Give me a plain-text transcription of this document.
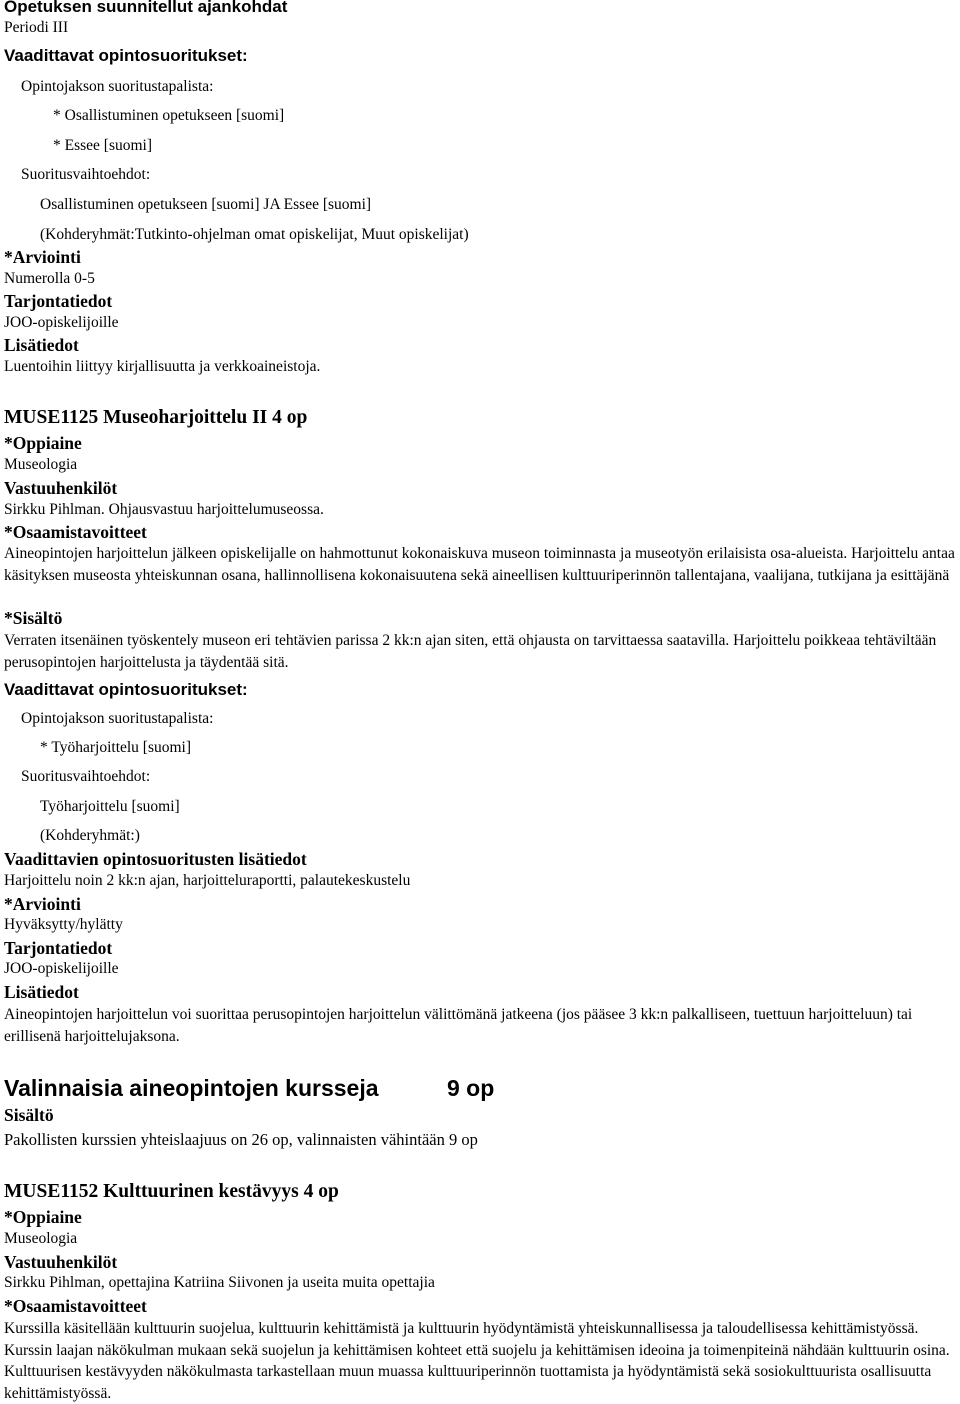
Opetuksen suunnitellut ajankohdat
Periodi III
Vaadittavat opintosuoritukset:
Opintojakson suoritustapalista:
* Osallistuminen opetukseen [suomi]
* Essee [suomi]
Suoritusvaihtoehdot:
Osallistuminen opetukseen [suomi] JA Essee [suomi]
(Kohderyhmät:Tutkinto-ohjelman omat opiskelijat, Muut opiskelijat)
*Arviointi
Numerolla 0-5
Tarjontatiedot
JOO-opiskelijoille
Lisätiedot
Luentoihin liittyy kirjallisuutta ja verkkoaineistoja.
MUSE1125 Museoharjoittelu II 4 op
*Oppiaine
Museologia
Vastuuhenkilöt
Sirkku Pihlman. Ohjausvastuu harjoittelumuseossa.
*Osaamistavoitteet
Aineopintojen harjoittelun jälkeen opiskelijalle on hahmottunut kokonaiskuva museon toiminnasta ja museotyön erilaisista osa-alueista. Harjoittelu antaa käsityksen museosta yhteiskunnan osana, hallinnollisena kokonaisuutena sekä aineellisen kulttuuriperinnön tallentajana, vaalijana, tutkijana ja esittäjänä
*Sisältö
Verraten itsenäinen työskentely museon eri tehtävien parissa 2 kk:n ajan siten, että ohjausta on tarvittaessa saatavilla. Harjoittelu poikkeaa tehtäviltään perusopintojen harjoittelusta ja täydentää sitä.
Vaadittavat opintosuoritukset:
Opintojakson suoritustapalista:
* Työharjoittelu [suomi]
Suoritusvaihtoehdot:
Työharjoittelu [suomi]
(Kohderyhmät:)
Vaadittavien opintosuoritusten lisätiedot
Harjoittelu noin 2 kk:n ajan, harjoitteluraportti, palautekeskustelu
*Arviointi
Hyväksytty/hylätty
Tarjontatiedot
JOO-opiskelijoille
Lisätiedot
Aineopintojen harjoittelun voi suorittaa perusopintojen harjoittelun välittömänä jatkeena (jos pääsee 3 kk:n palkalliseen, tuettuun harjoitteluun) tai erillisenä harjoittelujaksona.
Valinnaisia aineopintojen kursseja	9 op
Sisältö
Pakollisten kurssien yhteislaajuus on 26 op, valinnaisten vähintään 9 op
MUSE1152 Kulttuurinen kestävyys 4 op
*Oppiaine
Museologia
Vastuuhenkilöt
Sirkku Pihlman, opettajina Katriina Siivonen ja useita muita opettajia
*Osaamistavoitteet
Kurssilla käsitellään kulttuurin suojelua, kulttuurin kehittämistä ja kulttuurin hyödyntämistä yhteiskunnallisessa ja taloudellisessa kehittämistyössä. Kurssin laajan näkökulman mukaan sekä suojelun ja kehittämisen kohteet että suojelu ja kehittämisen ideoina ja toimenpiteinä nähdään kulttuurin osina. Kulttuurisen kestävyyden näkökulmasta tarkastellaan muun muassa kulttuuriperinnön tuottamista ja hyödyntämistä sekä sosiokulttuurista osallisuutta kehittämistyössä.
